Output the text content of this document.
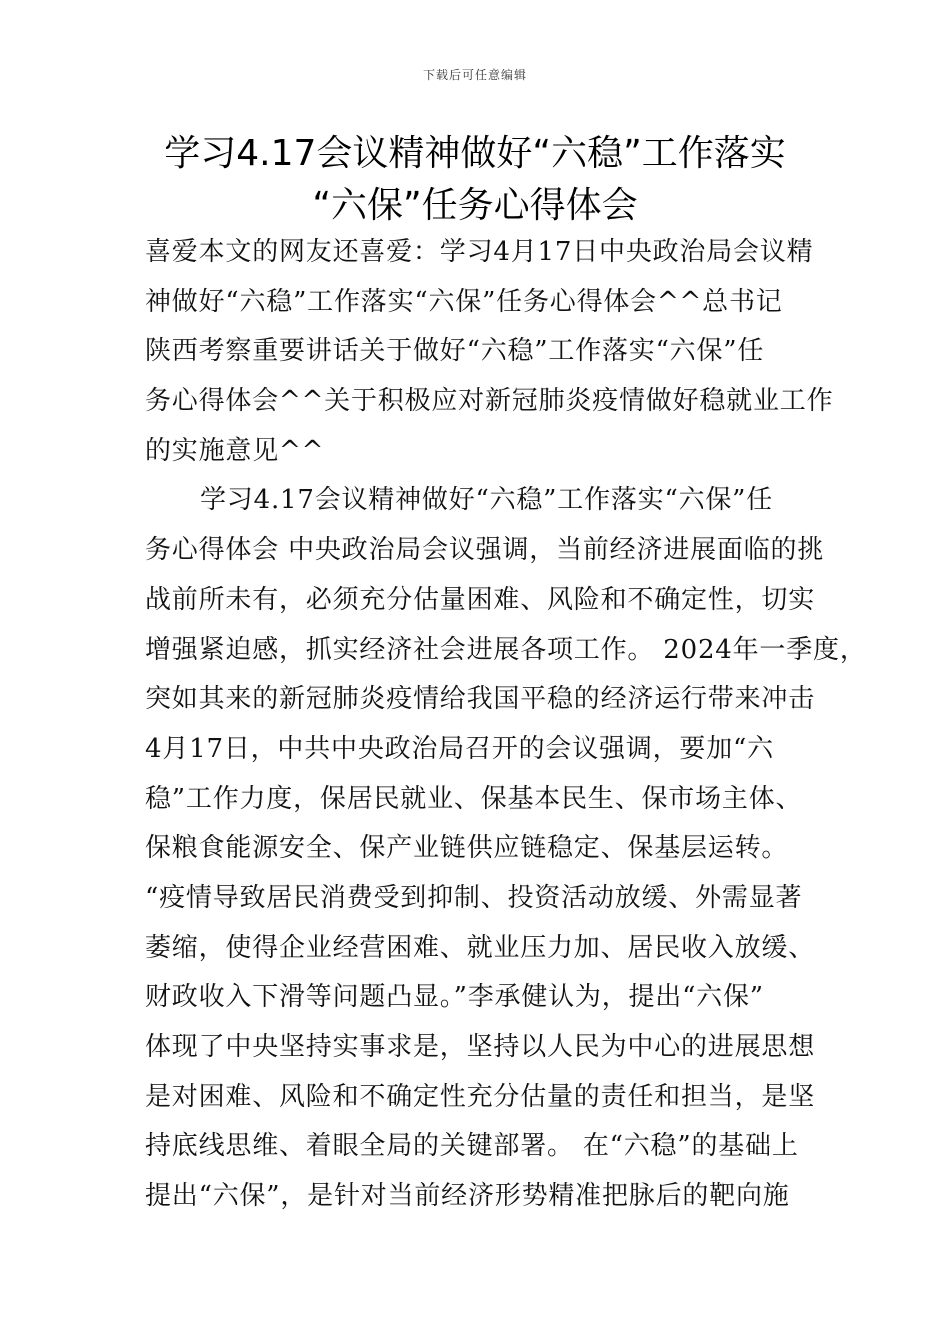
下载后可任意编辑
学习4.17会议精神做好“六稳”工作落实
“六保”任务心得体会
喜爱本文的网友还喜爱：学习4月17日中央政治局会议精
神做好“六稳”工作落实“六保”任务心得体会^^总书记
陕西考察重要讲话关于做好“六稳”工作落实“六保”任
务心得体会^^关于积极应对新冠肺炎疫情做好稳就业工作
的实施意见^^
学习4.17会议精神做好“六稳”工作落实“六保”任
务心得体会 中央政治局会议强调，当前经济进展面临的挑
战前所未有，必须充分估量困难、风险和不确定性，切实
增强紧迫感，抓实经济社会进展各项工作。 2024年一季度，
突如其来的新冠肺炎疫情给我国平稳的经济运行带来冲击
4月17日，中共中央政治局召开的会议强调，要加“六
稳”工作力度，保居民就业、保基本民生、保市场主体、
保粮食能源安全、保产业链供应链稳定、保基层运转。
“疫情导致居民消费受到抑制、投资活动放缓、外需显著
萎缩，使得企业经营困难、就业压力加、居民收入放缓、
财政收入下滑等问题凸显。”李承健认为，提出“六保”
体现了中央坚持实事求是，坚持以人民为中心的进展思想
是对困难、风险和不确定性充分估量的责任和担当，是坚
持底线思维、着眼全局的关键部署。 在“六稳”的基础上
提出“六保”，是针对当前经济形势精准把脉后的靶向施
